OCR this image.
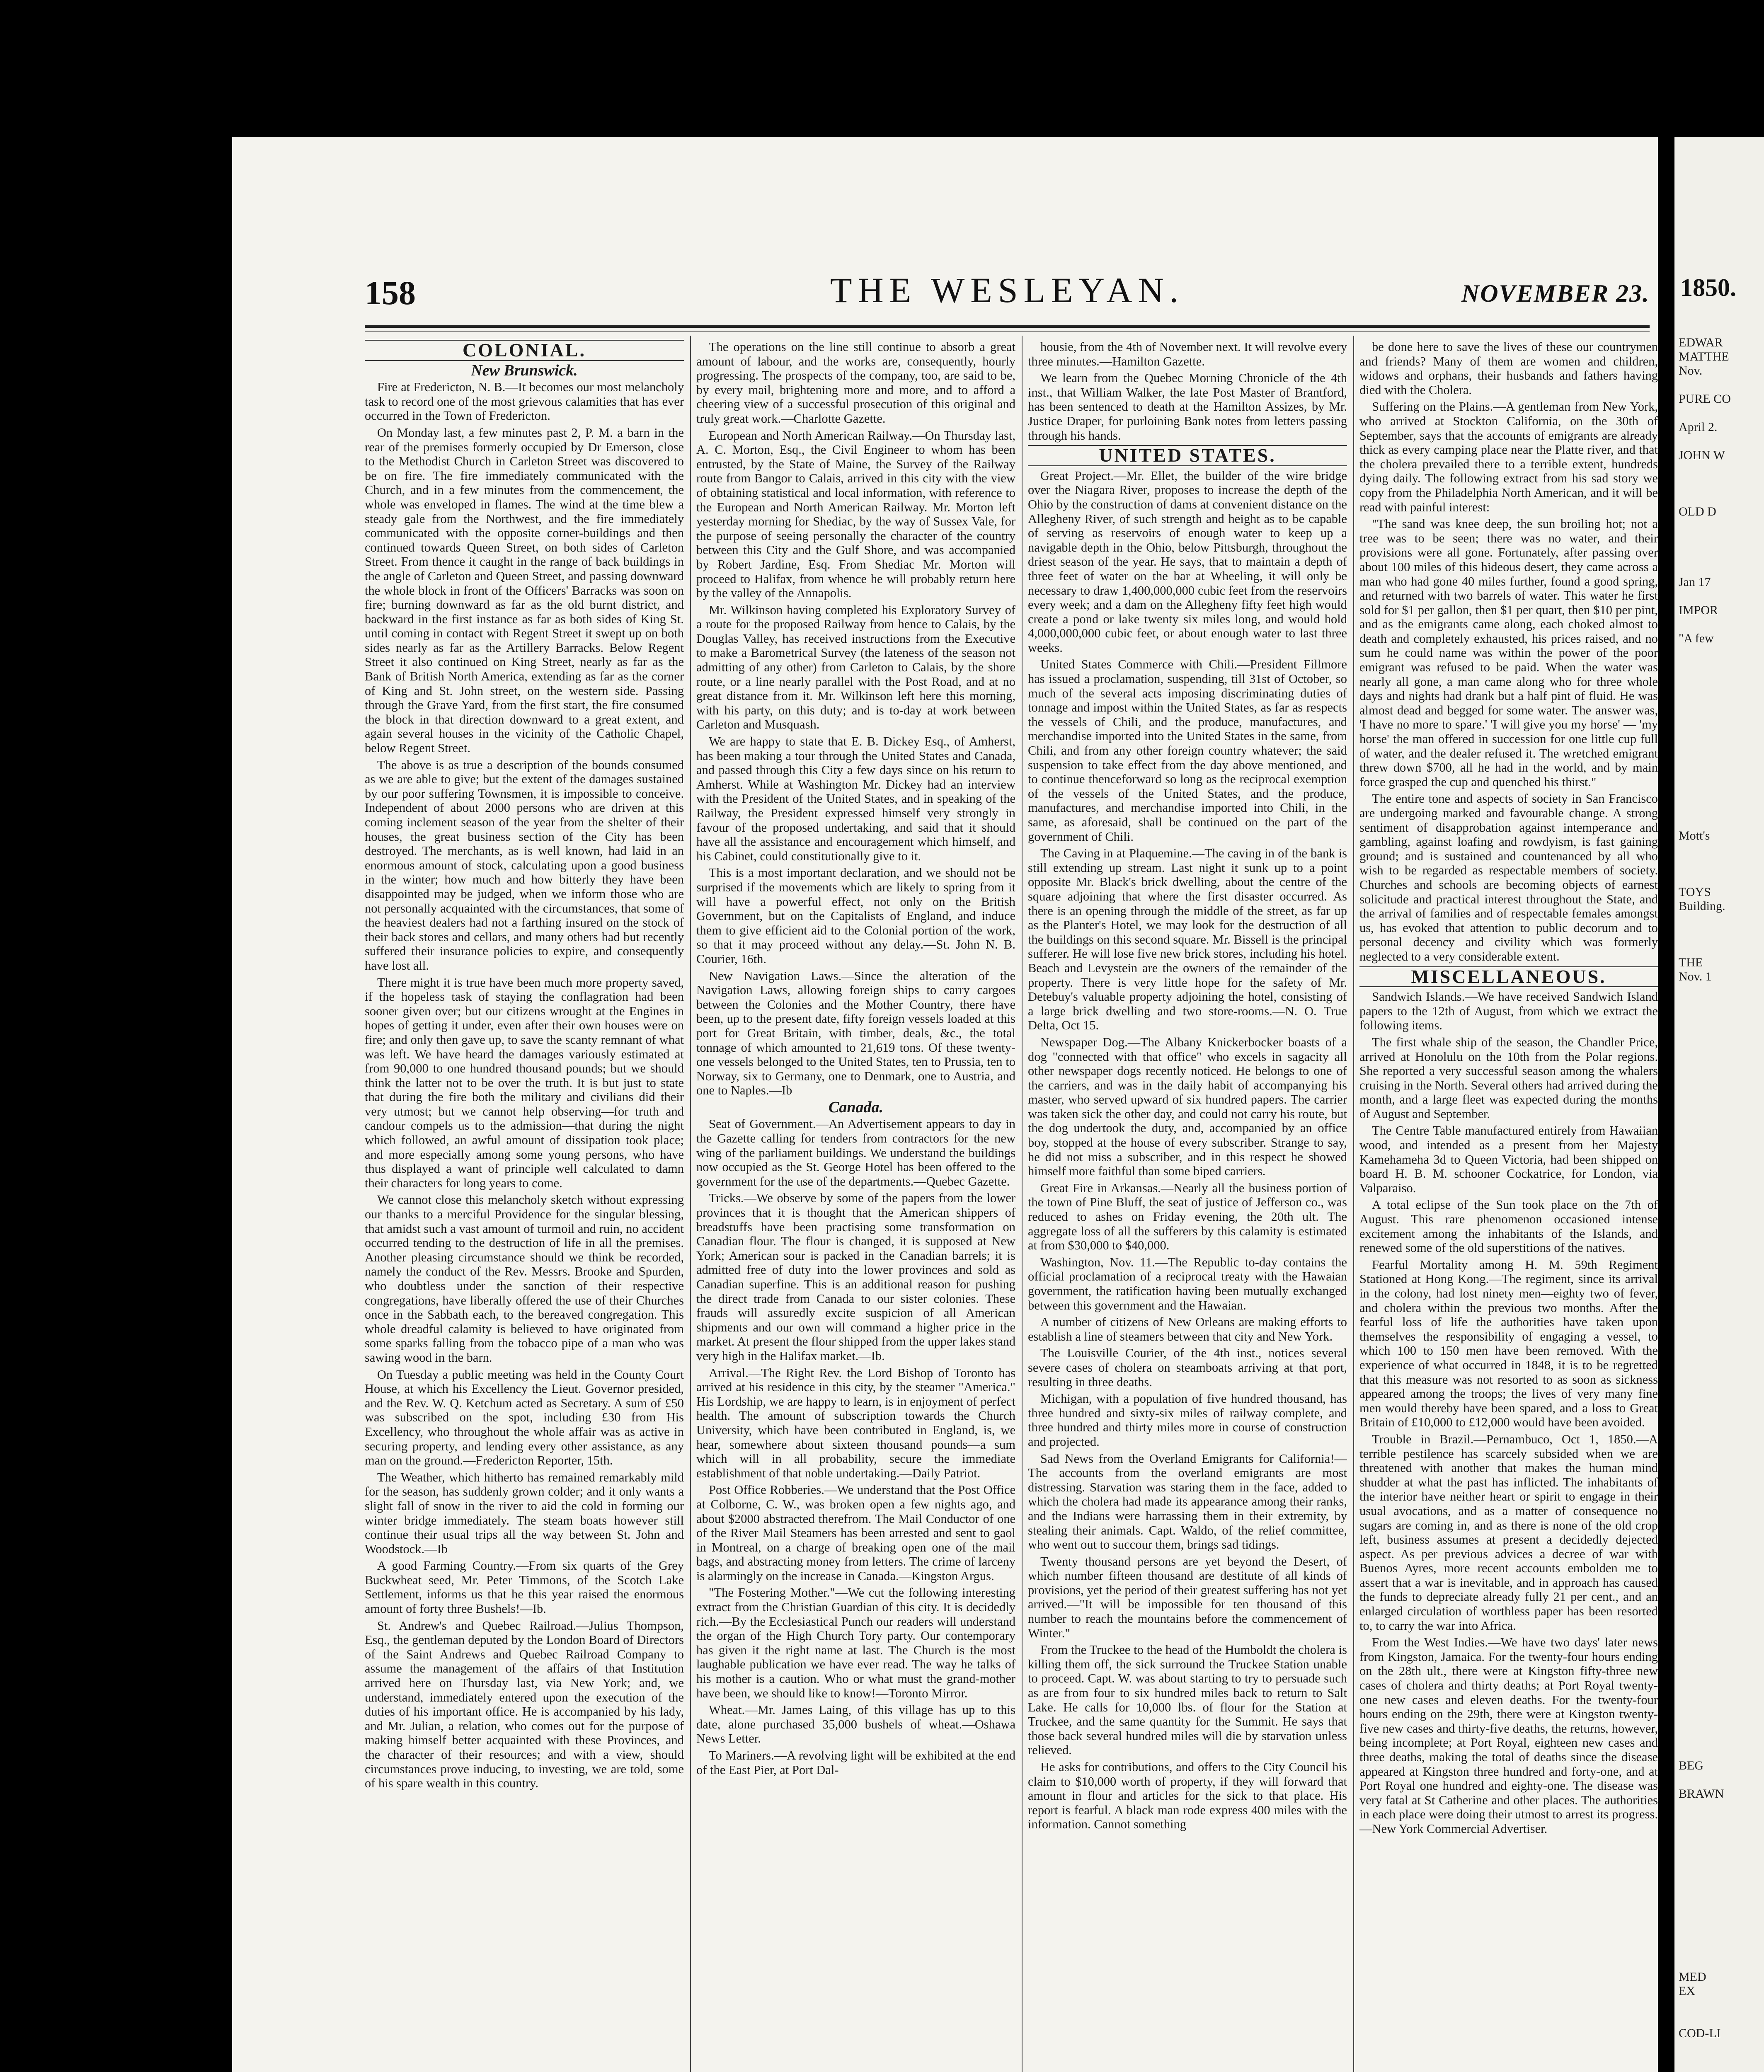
158	THE WESLEYAN.	NOVEMBER 23.

COLONIAL.

New Brunswick.

Fire at Fredericton, N. B.—It becomes our most melancholy task to record one of the most grievous calamities that has ever occurred in the Town of Fredericton.

On Monday last, a few minutes past 2, P. M. a barn in the rear of the premises formerly occupied by Dr Emerson, close to the Methodist Church in Carleton Street was discovered to be on fire. The fire immediately communicated with the Church, and in a few minutes from the commencement, the whole was enveloped in flames. The wind at the time blew a steady gale from the Northwest, and the fire immediately communicated with the opposite corner-buildings and then continued towards Queen Street, on both sides of Carleton Street. From thence it caught in the range of back buildings in the angle of Carleton and Queen Street, and passing downward the whole block in front of the Officers' Barracks was soon on fire; burning downward as far as the old burnt district, and backward in the first instance as far as both sides of King St. until coming in contact with Regent Street it swept up on both sides nearly as far as the Artillery Barracks. Below Regent Street it also continued on King Street, nearly as far as the Bank of British North America, extending as far as the corner of King and St. John street, on the western side. Passing through the Grave Yard, from the first start, the fire consumed the block in that direction downward to a great extent, and again several houses in the vicinity of the Catholic Chapel, below Regent Street.

The above is as true a description of the bounds consumed as we are able to give; but the extent of the damages sustained by our poor suffering Townsmen, it is impossible to conceive. Independent of about 2000 persons who are driven at this coming inclement season of the year from the shelter of their houses, the great business section of the City has been destroyed. The merchants, as is well known, had laid in an enormous amount of stock, calculating upon a good business in the winter; how much and how bitterly they have been disappointed may be judged, when we inform those who are not personally acquainted with the circumstances, that some of the heaviest dealers had not a farthing insured on the stock of their back stores and cellars, and many others had but recently suffered their insurance policies to expire, and consequently have lost all.

There might it is true have been much more property saved, if the hopeless task of staying the conflagration had been sooner given over; but our citizens wrought at the Engines in hopes of getting it under, even after their own houses were on fire; and only then gave up, to save the scanty remnant of what was left. We have heard the damages variously estimated at from 90,000 to one hundred thousand pounds; but we should think the latter not to be over the truth. It is but just to state that during the fire both the military and civilians did their very utmost; but we cannot help observing—for truth and candour compels us to the admission—that during the night which followed, an awful amount of dissipation took place; and more especially among some young persons, who have thus displayed a want of principle well calculated to damn their characters for long years to come.

We cannot close this melancholy sketch without expressing our thanks to a merciful Providence for the singular blessing, that amidst such a vast amount of turmoil and ruin, no accident occurred tending to the destruction of life in all the premises. Another pleasing circumstance should we think be recorded, namely the conduct of the Rev. Messrs. Brooke and Spurden, who doubtless under the sanction of their respective congregations, have liberally offered the use of their Churches once in the Sabbath each, to the bereaved congregation. This whole dreadful calamity is believed to have originated from some sparks falling from the tobacco pipe of a man who was sawing wood in the barn.

On Tuesday a public meeting was held in the County Court House, at which his Excellency the Lieut. Governor presided, and the Rev. W. Q. Ketchum acted as Secretary. A sum of £50 was subscribed on the spot, including £30 from His Excellency, who throughout the whole affair was as active in securing property, and lending every other assistance, as any man on the ground.—Fredericton Reporter, 15th.

The Weather, which hitherto has remained remarkably mild for the season, has suddenly grown colder; and it only wants a slight fall of snow in the river to aid the cold in forming our winter bridge immediately. The steam boats however still continue their usual trips all the way between St. John and Woodstock.—Ib

A good Farming Country.—From six quarts of the Grey Buckwheat seed, Mr. Peter Timmons, of the Scotch Lake Settlement, informs us that he this year raised the enormous amount of forty three Bushels!—Ib.

St. Andrew's and Quebec Railroad.—Julius Thompson, Esq., the gentleman deputed by the London Board of Directors of the Saint Andrews and Quebec Railroad Company to assume the management of the affairs of that Institution arrived here on Thursday last, via New York; and, we understand, immediately entered upon the execution of the duties of his important office. He is accompanied by his lady, and Mr. Julian, a relation, who comes out for the purpose of making himself better acquainted with these Provinces, and the character of their resources; and with a view, should circumstances prove inducing, to investing, we are told, some of his spare wealth in this country.

The operations on the line still continue to absorb a great amount of labour, and the works are, consequently, hourly progressing. The prospects of the company, too, are said to be, by every mail, brightening more and more, and to afford a cheering view of a successful prosecution of this original and truly great work.—Charlotte Gazette.

European and North American Railway.—On Thursday last, A. C. Morton, Esq., the Civil Engineer to whom has been entrusted, by the State of Maine, the Survey of the Railway route from Bangor to Calais, arrived in this city with the view of obtaining statistical and local information, with reference to the European and North American Railway. Mr. Morton left yesterday morning for Shediac, by the way of Sussex Vale, for the purpose of seeing personally the character of the country between this City and the Gulf Shore, and was accompanied by Robert Jardine, Esq. From Shediac Mr. Morton will proceed to Halifax, from whence he will probably return here by the valley of the Annapolis.

Mr. Wilkinson having completed his Exploratory Survey of a route for the proposed Railway from hence to Calais, by the Douglas Valley, has received instructions from the Executive to make a Barometrical Survey (the lateness of the season not admitting of any other) from Carleton to Calais, by the shore route, or a line nearly parallel with the Post Road, and at no great distance from it. Mr. Wilkinson left here this morning, with his party, on this duty; and is to-day at work between Carleton and Musquash.

We are happy to state that E. B. Dickey Esq., of Amherst, has been making a tour through the United States and Canada, and passed through this City a few days since on his return to Amherst. While at Washington Mr. Dickey had an interview with the President of the United States, and in speaking of the Railway, the President expressed himself very strongly in favour of the proposed undertaking, and said that it should have all the assistance and encouragement which himself, and his Cabinet, could constitutionally give to it.

This is a most important declaration, and we should not be surprised if the movements which are likely to spring from it will have a powerful effect, not only on the British Government, but on the Capitalists of England, and induce them to give efficient aid to the Colonial portion of the work, so that it may proceed without any delay.—St. John N. B. Courier, 16th.

New Navigation Laws.—Since the alteration of the Navigation Laws, allowing foreign ships to carry cargoes between the Colonies and the Mother Country, there have been, up to the present date, fifty foreign vessels loaded at this port for Great Britain, with timber, deals, &c., the total tonnage of which amounted to 21,619 tons. Of these twenty-one vessels belonged to the United States, ten to Prussia, ten to Norway, six to Germany, one to Denmark, one to Austria, and one to Naples.—Ib

Canada.

Seat of Government.—An Advertisement appears to day in the Gazette calling for tenders from contractors for the new wing of the parliament buildings. We understand the buildings now occupied as the St. George Hotel has been offered to the government for the use of the departments.—Quebec Gazette.

Tricks.—We observe by some of the papers from the lower provinces that it is thought that the American shippers of breadstuffs have been practising some transformation on Canadian flour. The flour is changed, it is supposed at New York; American sour is packed in the Canadian barrels; it is admitted free of duty into the lower provinces and sold as Canadian superfine. This is an additional reason for pushing the direct trade from Canada to our sister colonies. These frauds will assuredly excite suspicion of all American shipments and our own will command a higher price in the market. At present the flour shipped from the upper lakes stand very high in the Halifax market.—Ib.

Arrival.—The Right Rev. the Lord Bishop of Toronto has arrived at his residence in this city, by the steamer "America." His Lordship, we are happy to learn, is in enjoyment of perfect health. The amount of subscription towards the Church University, which have been contributed in England, is, we hear, somewhere about sixteen thousand pounds—a sum which will in all probability, secure the immediate establishment of that noble undertaking.—Daily Patriot.

Post Office Robberies.—We understand that the Post Office at Colborne, C. W., was broken open a few nights ago, and about $2000 abstracted therefrom. The Mail Conductor of one of the River Mail Steamers has been arrested and sent to gaol in Montreal, on a charge of breaking open one of the mail bags, and abstracting money from letters. The crime of larceny is alarmingly on the increase in Canada.—Kingston Argus.

"The Fostering Mother."—We cut the following interesting extract from the Christian Guardian of this city. It is decidedly rich.—By the Ecclesiastical Punch our readers will understand the organ of the High Church Tory party. Our contemporary has given it the right name at last. The Church is the most laughable publication we have ever read. The way he talks of his mother is a caution. Who or what must the grand-mother have been, we should like to know!—Toronto Mirror.

Wheat.—Mr. James Laing, of this village has up to this date, alone purchased 35,000 bushels of wheat.—Oshawa News Letter.

To Mariners.—A revolving light will be exhibited at the end of the East Pier, at Port Dal-

housie, from the 4th of November next. It will revolve every three minutes.—Hamilton Gazette.

We learn from the Quebec Morning Chronicle of the 4th inst., that William Walker, the late Post Master of Brantford, has been sentenced to death at the Hamilton Assizes, by Mr. Justice Draper, for purloining Bank notes from letters passing through his hands.

UNITED STATES.

Great Project.—Mr. Ellet, the builder of the wire bridge over the Niagara River, proposes to increase the depth of the Ohio by the construction of dams at convenient distance on the Allegheny River, of such strength and height as to be capable of serving as reservoirs of enough water to keep up a navigable depth in the Ohio, below Pittsburgh, throughout the driest season of the year. He says, that to maintain a depth of three feet of water on the bar at Wheeling, it will only be necessary to draw 1,400,000,000 cubic feet from the reservoirs every week; and a dam on the Allegheny fifty feet high would create a pond or lake twenty six miles long, and would hold 4,000,000,000 cubic feet, or about enough water to last three weeks.

United States Commerce with Chili.—President Fillmore has issued a proclamation, suspending, till 31st of October, so much of the several acts imposing discriminating duties of tonnage and impost within the United States, as far as respects the vessels of Chili, and the produce, manufactures, and merchandise imported into the United States in the same, from Chili, and from any other foreign country whatever; the said suspension to take effect from the day above mentioned, and to continue thenceforward so long as the reciprocal exemption of the vessels of the United States, and the produce, manufactures, and merchandise imported into Chili, in the same, as aforesaid, shall be continued on the part of the government of Chili.

The Caving in at Plaquemine.—The caving in of the bank is still extending up stream. Last night it sunk up to a point opposite Mr. Black's brick dwelling, about the centre of the square adjoining that where the first disaster occurred. As there is an opening through the middle of the street, as far up as the Planter's Hotel, we may look for the destruction of all the buildings on this second square. Mr. Bissell is the principal sufferer. He will lose five new brick stores, including his hotel. Beach and Levystein are the owners of the remainder of the property. There is very little hope for the safety of Mr. Detebuy's valuable property adjoining the hotel, consisting of a large brick dwelling and two store-rooms.—N. O. True Delta, Oct 15.

Newspaper Dog.—The Albany Knickerbocker boasts of a dog "connected with that office" who excels in sagacity all other newspaper dogs recently noticed. He belongs to one of the carriers, and was in the daily habit of accompanying his master, who served upward of six hundred papers. The carrier was taken sick the other day, and could not carry his route, but the dog undertook the duty, and, accompanied by an office boy, stopped at the house of every subscriber. Strange to say, he did not miss a subscriber, and in this respect he showed himself more faithful than some biped carriers.

Great Fire in Arkansas.—Nearly all the business portion of the town of Pine Bluff, the seat of justice of Jefferson co., was reduced to ashes on Friday evening, the 20th ult. The aggregate loss of all the sufferers by this calamity is estimated at from $30,000 to $40,000.

Washington, Nov. 11.—The Republic to-day contains the official proclamation of a reciprocal treaty with the Hawaian government, the ratification having been mutually exchanged between this government and the Hawaian.

A number of citizens of New Orleans are making efforts to establish a line of steamers between that city and New York.

The Louisville Courier, of the 4th inst., notices several severe cases of cholera on steamboats arriving at that port, resulting in three deaths.

Michigan, with a population of five hundred thousand, has three hundred and sixty-six miles of railway complete, and three hundred and thirty miles more in course of construction and projected.

Sad News from the Overland Emigrants for California!—The accounts from the overland emigrants are most distressing. Starvation was staring them in the face, added to which the cholera had made its appearance among their ranks, and the Indians were harrassing them in their extremity, by stealing their animals. Capt. Waldo, of the relief committee, who went out to succour them, brings sad tidings.

Twenty thousand persons are yet beyond the Desert, of which number fifteen thousand are destitute of all kinds of provisions, yet the period of their greatest suffering has not yet arrived.—"It will be impossible for ten thousand of this number to reach the mountains before the commencement of Winter."

From the Truckee to the head of the Humboldt the cholera is killing them off, the sick surround the Truckee Station unable to proceed. Capt. W. was about starting to try to persuade such as are from four to six hundred miles back to return to Salt Lake. He calls for 10,000 lbs. of flour for the Station at Truckee, and the same quantity for the Summit. He says that those back several hundred miles will die by starvation unless relieved.

He asks for contributions, and offers to the City Council his claim to $10,000 worth of property, if they will forward that amount in flour and articles for the sick to that place. His report is fearful. A black man rode express 400 miles with the information. Cannot something

be done here to save the lives of these our countrymen and friends? Many of them are women and children, widows and orphans, their husbands and fathers having died with the Cholera.

Suffering on the Plains.—A gentleman from New York, who arrived at Stockton California, on the 30th of September, says that the accounts of emigrants are already thick as every camping place near the Platte river, and that the cholera prevailed there to a terrible extent, hundreds dying daily. The following extract from his sad story we copy from the Philadelphia North American, and it will be read with painful interest:

"The sand was knee deep, the sun broiling hot; not a tree was to be seen; there was no water, and their provisions were all gone. Fortunately, after passing over about 100 miles of this hideous desert, they came across a man who had gone 40 miles further, found a good spring, and returned with two barrels of water. This water he first sold for $1 per gallon, then $1 per quart, then $10 per pint, and as the emigrants came along, each choked almost to death and completely exhausted, his prices raised, and no sum he could name was within the power of the poor emigrant was refused to be paid. When the water was nearly all gone, a man came along who for three whole days and nights had drank but a half pint of fluid. He was almost dead and begged for some water. The answer was, 'I have no more to spare.' 'I will give you my horse' — 'my horse' the man offered in succession for one little cup full of water, and the dealer refused it. The wretched emigrant threw down $700, all he had in the world, and by main force grasped the cup and quenched his thirst."

The entire tone and aspects of society in San Francisco are undergoing marked and favourable change. A strong sentiment of disapprobation against intemperance and gambling, against loafing and rowdyism, is fast gaining ground; and is sustained and countenanced by all who wish to be regarded as respectable members of society. Churches and schools are becoming objects of earnest solicitude and practical interest throughout the State, and the arrival of families and of respectable females amongst us, has evoked that attention to public decorum and to personal decency and civility which was formerly neglected to a very considerable extent.

MISCELLANEOUS.

Sandwich Islands.—We have received Sandwich Island papers to the 12th of August, from which we extract the following items.

The first whale ship of the season, the Chandler Price, arrived at Honolulu on the 10th from the Polar regions. She reported a very successful season among the whalers cruising in the North. Several others had arrived during the month, and a large fleet was expected during the months of August and September.

The Centre Table manufactured entirely from Hawaiian wood, and intended as a present from her Majesty Kamehameha 3d to Queen Victoria, had been shipped on board H. B. M. schooner Cockatrice, for London, via Valparaiso.

A total eclipse of the Sun took place on the 7th of August. This rare phenomenon occasioned intense excitement among the inhabitants of the Islands, and renewed some of the old superstitions of the natives.

Fearful Mortality among H. M. 59th Regiment Stationed at Hong Kong.—The regiment, since its arrival in the colony, had lost ninety men—eighty two of fever, and cholera within the previous two months. After the fearful loss of life the authorities have taken upon themselves the responsibility of engaging a vessel, to which 100 to 150 men have been removed. With the experience of what occurred in 1848, it is to be regretted that this measure was not resorted to as soon as sickness appeared among the troops; the lives of very many fine men would thereby have been spared, and a loss to Great Britain of £10,000 to £12,000 would have been avoided.

Trouble in Brazil.—Pernambuco, Oct 1, 1850.—A terrible pestilence has scarcely subsided when we are threatened with another that makes the human mind shudder at what the past has inflicted. The inhabitants of the interior have neither heart or spirit to engage in their usual avocations, and as a matter of consequence no sugars are coming in, and as there is none of the old crop left, business assumes at present a decidedly dejected aspect. As per previous advices a decree of war with Buenos Ayres, more recent accounts embolden me to assert that a war is inevitable, and in approach has caused the funds to depreciate already fully 21 per cent., and an enlarged circulation of worthless paper has been resorted to, to carry the war into Africa.

From the West Indies.—We have two days' later news from Kingston, Jamaica. For the twenty-four hours ending on the 28th ult., there were at Kingston fifty-three new cases of cholera and thirty deaths; at Port Royal twenty-one new cases and eleven deaths. For the twenty-four hours ending on the 29th, there were at Kingston twenty-five new cases and thirty-five deaths, the returns, however, being incomplete; at Port Royal, eighteen new cases and three deaths, making the total of deaths since the disease appeared at Kingston three hundred and forty-one, and at Port Royal one hundred and eighty-one. The disease was very fatal at St Catherine and other places. The authorities in each place were doing their utmost to arrest its progress.—New York Commercial Advertiser.

1850.
EDWAR
MATTHE
Nov.

PURE CO

April 2.

JOHN W

OLD D

Jan 17

IMPOR

"A few

Mott's

TOYS
Building.

THE
Nov. 1

BEG

BRAWN

MED
EX

COD-LI
